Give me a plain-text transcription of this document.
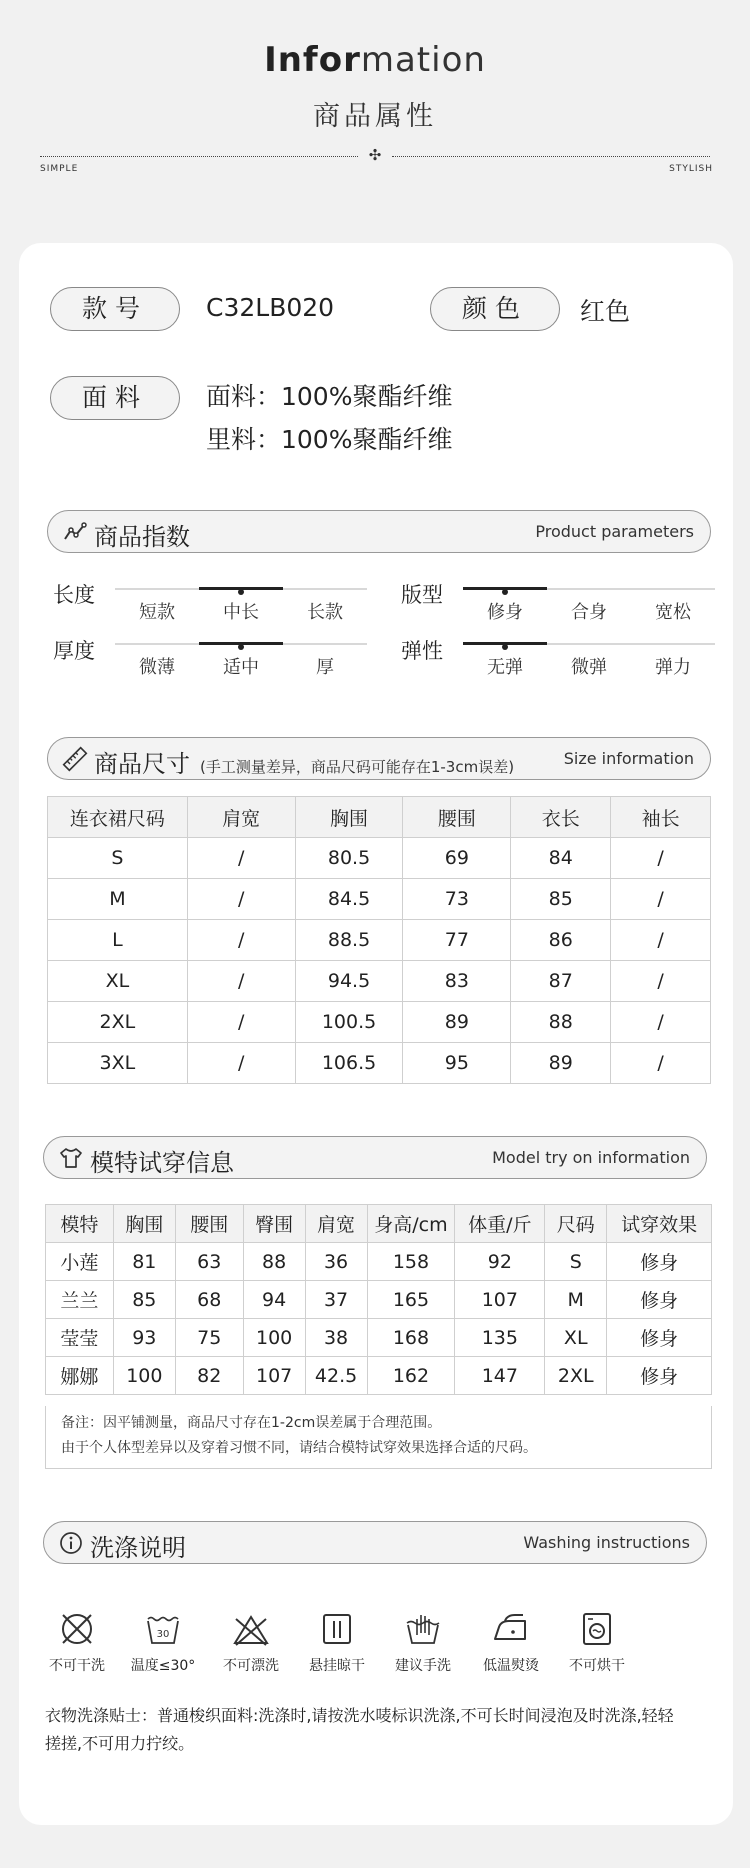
Information
商品属性
✣
SIMPLE	STYLISH
款号	C32LB020	颜色	红色
面料	面料：100%聚酯纤维
里料：100%聚酯纤维
商品指数	Product parameters
长度
短款	中长	长款
版型
修身	合身	宽松
厚度
微薄	适中	厚
弹性
无弹	微弹	弹力
商品尺寸 (手工测量差异，商品尺码可能存在1-3cm误差)	Size information
连衣裙尺码	肩宽	胸围	腰围	衣长	袖长
S	/	80.5	69	84	/
M	/	84.5	73	85	/
L	/	88.5	77	86	/
XL	/	94.5	83	87	/
2XL	/	100.5	89	88	/
3XL	/	106.5	95	89	/
模特试穿信息	Model try on information
模特	胸围	腰围	臀围	肩宽	身高/cm	体重/斤	尺码	试穿效果
小莲	81	63	88	36	158	92	S	修身
兰兰	85	68	94	37	165	107	M	修身
莹莹	93	75	100	38	168	135	XL	修身
娜娜	100	82	107	42.5	162	147	2XL	修身
备注：因平铺测量，商品尺寸存在1-2cm误差属于合理范围。
由于个人体型差异以及穿着习惯不同，请结合模特试穿效果选择合适的尺码。
洗涤说明	Washing instructions
不可干洗
30
温度≤30°	不可漂洗	悬挂晾干	建议手洗	低温熨烫	不可烘干
衣物洗涤贴士：普通梭织面料:洗涤时,请按洗水唛标识洗涤,不可长时间浸泡及时洗涤,轻轻
搓搓,不可用力拧绞。
